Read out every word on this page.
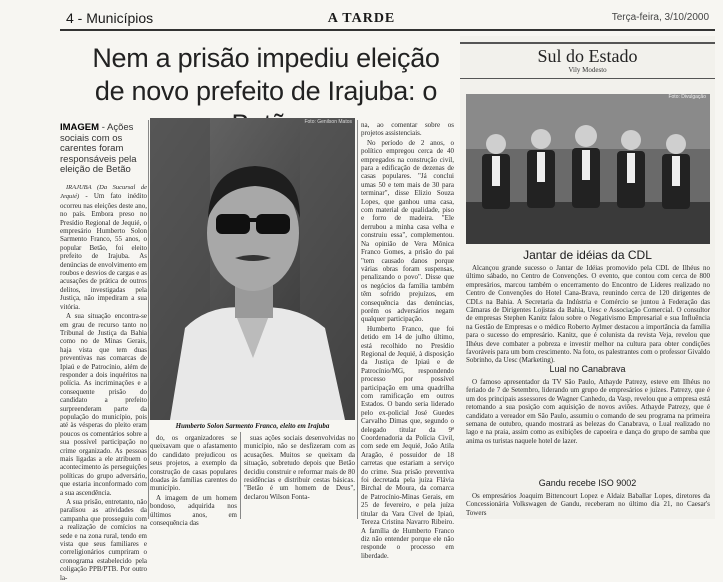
4 - Municípios	A TARDE	Terça-feira, 3/10/2000
Nem a prisão impediu eleição de novo prefeito de Irajuba: o
IMAGEM - Ações sociais com os carentes foram responsáveis pela eleição de Betão

IRAJUBA (Da Sucursal de Jequié) - Um fato inédito ocorreu nas eleições deste ano, no país. Embora preso no Presídio Regional de Jequié, o empresário Humberto Solon Sarmento Franco, 55 anos, o popular Betão, foi eleito prefeito de Irajuba. As denúncias de envolvimento em roubos e desvios de cargas e as acusações de prática de outros delitos, investigadas pela Justiça, não impediram a sua vitória.

A sua situação encontra-se em grau de recurso tanto no Tribunal de Justiça da Bahia como no de Minas Gerais, haja vista que tem duas preventivas nas comarcas de Ipiaú e de Patrocínio, além de responder a dois inquéritos na polícia. As incriminações e a consequente prisão do candidato a prefeito surpreenderam parte da população do município, pois até às vésperas do pleito eram poucos os comentários sobre a sua possível participação no crime organizado. As pessoas mais ligadas a ele atribuem o acontecimento às perseguições políticas do grupo adversário, que estaria inconformado com a sua ascendência.

A sua prisão, entretanto, não paralisou as atividades da campanha que prosseguiu com a realização de comícios na sede e na zona rural, tendo em vista que seus familiares e correligionários cumpriram o cronograma estabelecido pela coligação PPB/PTB. Por outro la-

Foto: Genilson Matos
Humberto Solon Sarmento Franco, eleito em Irajuba

do, os organizadores se queixavam que o afastamento do candidato prejudicou os seus projetos, a exemplo da construção de casas populares doadas às famílias carentes do município.

A imagem de um homem bondoso, adquirida nos últimos anos, em consequência das

suas ações sociais desenvolvidas no município, não se desfizeram com as acusações. Muitos se queixam da situação, sobretudo depois que Betão decidiu construir e reformar mais de 80 residências e distribuir cestas básicas. "Betão é um homem de Deus", declarou Wilson Fonta-

na, ao comentar sobre os projetos assistenciais.

No período de 2 anos, o político empregou cerca de 40 empregados na construção civil, para a edificação de dezenas de casas populares. "Já conclui umas 50 e tem mais de 30 para terminar", disse Elizio Souza Lopes, que ganhou uma casa, com material de qualidade, piso e forro de madeira. "Ele derrubou a minha casa velha e construiu essa", complementou. Na opinião de Vera Mônica Franco Gomes, a prisão do pai "tem causado danos porque várias obras foram suspensas, penalizando o povo". Disse que os negócios da família também têm sofrido prejuízos, em consequência das denúncias, porém os adversários negam qualquer participação.

Humberto Franco, que foi detido em 14 de julho último, está recolhido no Presídio Regional de Jequié, à disposição da Justiça de Ipiaú e de Patrocínio/MG, respondendo processo por possível participação em uma quadrilha com ramificação em outros Estados. O bando seria liderado pelo ex-policial José Guedes Carvalho Dimas que, segundo o delegado titular da 9ª Coordenadoria da Polícia Civil, com sede em Jequié, João Atila Aragão, é possuidor de 18 carretas que estariam a serviço do crime. Sua prisão preventiva foi decretada pela juíza Flávia Birchal de Moura, da comarca de Patrocínio-Minas Gerais, em 25 de fevereiro, e pela juíza titular da Vara Cível de Ipiaú, Tereza Cristina Navarro Ribeiro. A família de Humberto Franco diz não entender porque ele não responde o processo em liberdade.

Sul do Estado
Vily Modesto
Foto: Divulgação
Jantar de idéias da CDL

Alcançou grande sucesso o Jantar de Idéias promovido pela CDL de Ilhéus no último sábado, no Centro de Convenções. O evento, que contou com cerca de 800 empresários, marcou também o encerramento do Encontro de Líderes realizado no Centro de Convenções do Hotel Cana-Brava, reunindo cerca de 120 dirigentes de CDLs na Bahia. A Secretaria da Indústria e Comércio se juntou à Federação das Câmaras de Dirigentes Lojistas da Bahia, Uesc e Associação Comercial. O consultor de empresas Stephen Kanitz falou sobre o Negativismo Empresarial e sua Influência na Gestão de Empresas e o médico Roberto Aylmer destacou a importância da família para o sucesso do empresário. Kanitz, que é colunista da revista Veja, revelou que Ilhéus deve combater a pobreza e investir melhor na cultura para obter condições favoráveis para um bom crescimento. Na foto, os palestrantes com o professor Givaldo Sobrinho, da Uesc (Marketing).

Lual no Canabrava

O famoso apresentador da TV São Paulo, Athayde Patrezy, esteve em Ilhéus no feriado de 7 de Setembro, liderando um grupo de empresários e juízes. Patrezy, que é um dos principais assessores de Wagner Canhedo, da Vasp, revelou que a empresa está retomando a sua posição com aquisição de novos aviões. Athayde Patrezy, que é candidato a vereador em São Paulo, assumiu o comando de seu programa na primeira semana de outubro, quando mostrará as belezas do Canabrava, o Lual realizado no lago e na praia, assim como as exibições de capoeira e dança do grupo de samba que anima os turistas naquele hotel de lazer.

Gandu recebe ISO 9002

Os empresários Joaquim Bittencourt Lopez e Aldaiz Baballar Lopes, diretores da Concessionária Volkswagen de Gandu, receberam no último dia 21, no Caesar's Towers
